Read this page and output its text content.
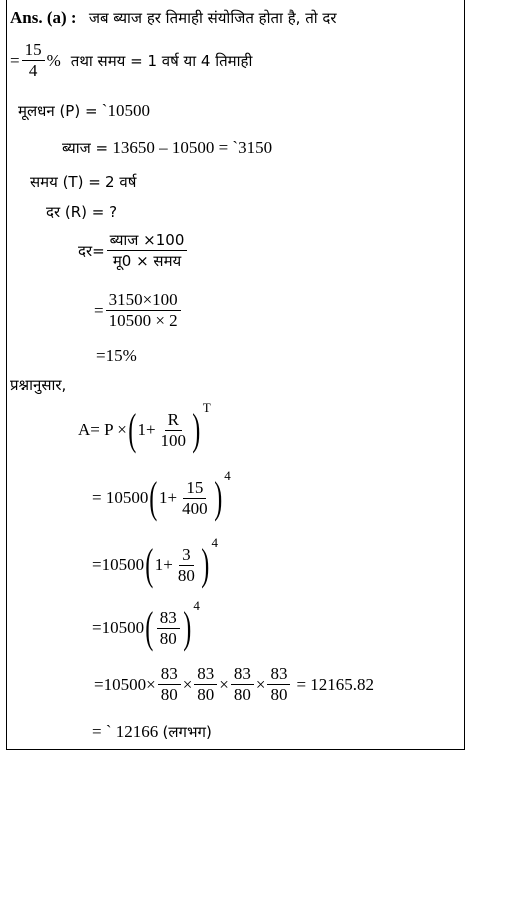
Ans. (a) : जब ब्याज हर तिमाही संयोजित होता है, तो दर
= $\frac{15}{4}$ % तथा समय = 1 वर्ष या 4 तिमाही
मूलधन (P) = `10500
ब्याज = 13650 – 10500 = `3150
समय (T) = 2 वर्ष
दर (R) = ?
दर= $\frac{\text{ब्याज ×100}}{\text{मू0 × समय}}$
= $\frac{3150\times 100}{10500 \times 2}$
=15%
प्रश्नानुसार,
A= P × ( $1+ \frac{R}{100}$ ) T
= 10500 ( $1+ \frac{15}{400}$ ) 4
=10500 ( $1+ \frac{3}{80}$ ) 4
=10500 ( $\frac{83}{80}$ ) 4
$=10500\times \frac{83}{80} \times \frac{83}{80} \times \frac{83}{80} \times \frac{83}{80} = 12165.82$
= ` 12166 (लगभग)
